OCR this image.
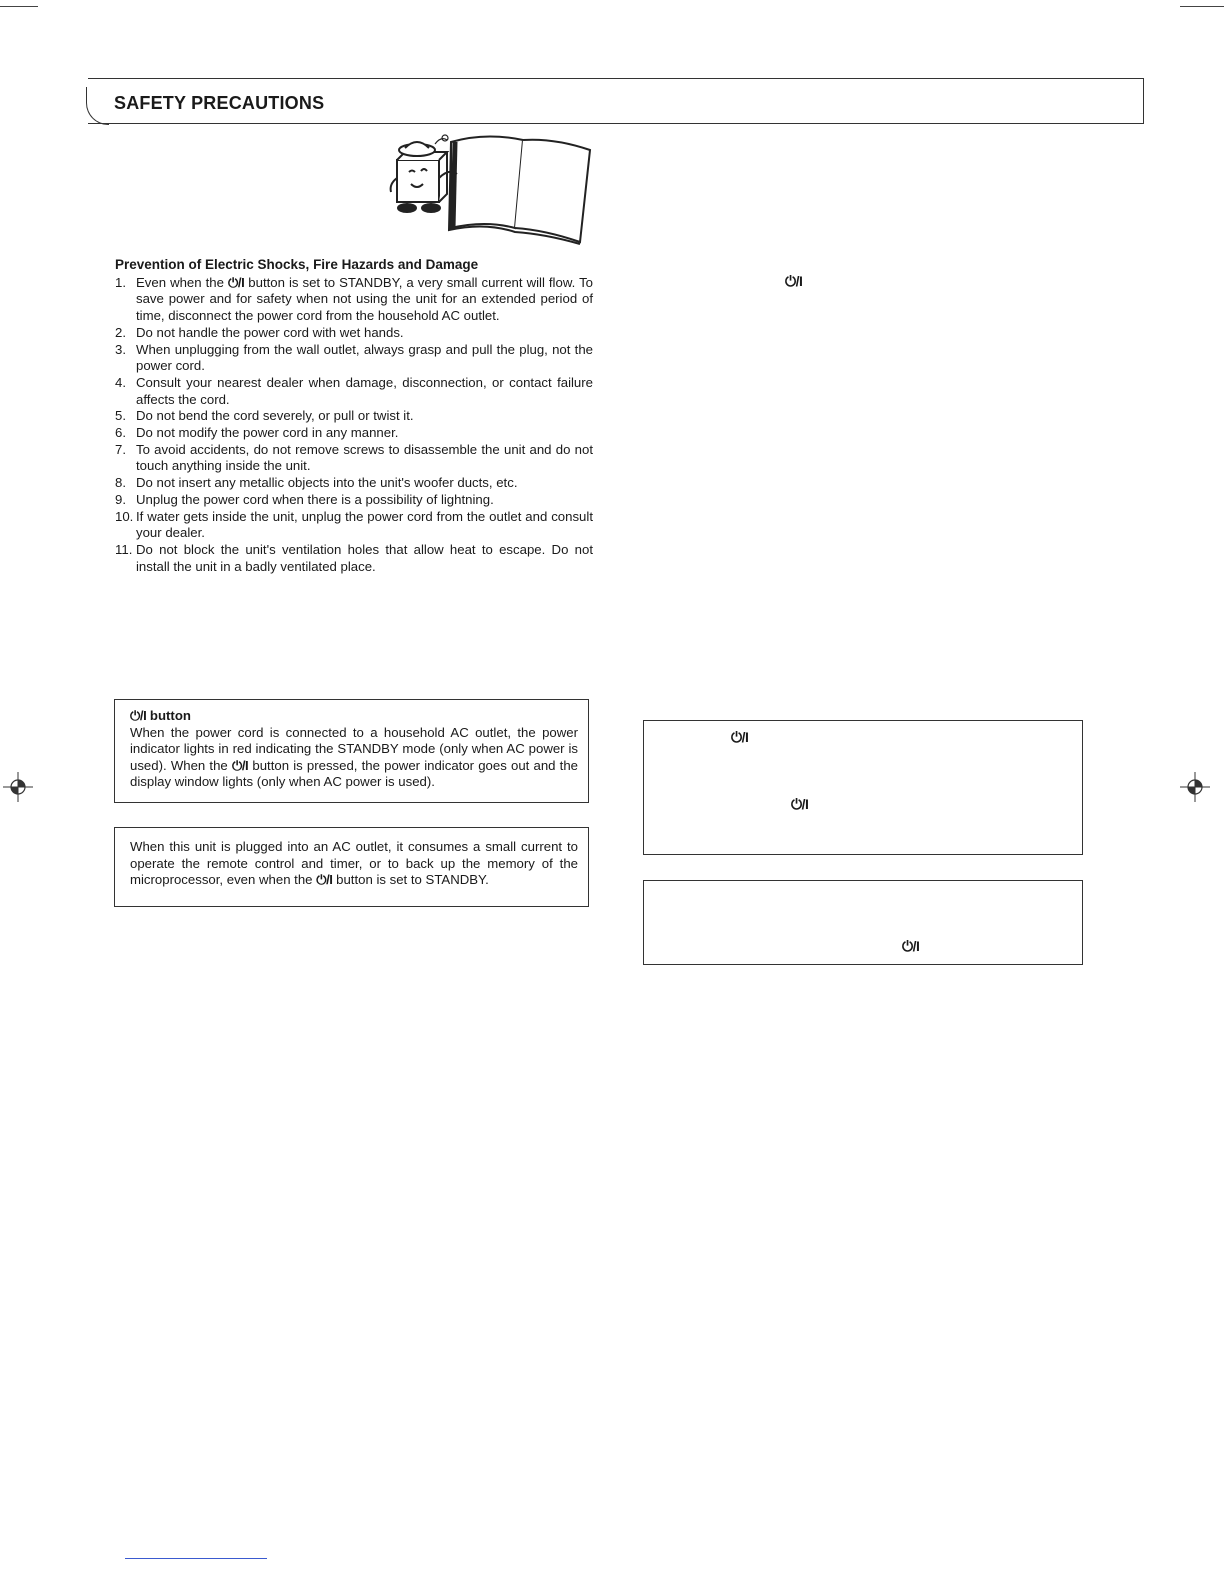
SAFETY PRECAUTIONS
Prevention of Electric Shocks, Fire Hazards and Damage
1. Even when the ⏻/I button is set to STANDBY, a very small current will flow. To save power and for safety when not using the unit for an extended period of time, disconnect the power cord from the household AC outlet.
2. Do not handle the power cord with wet hands.
3. When unplugging from the wall outlet, always grasp and pull the plug, not the power cord.
4. Consult your nearest dealer when damage, disconnection, or contact failure affects the cord.
5. Do not bend the cord severely, or pull or twist it.
6. Do not modify the power cord in any manner.
7. To avoid accidents, do not remove screws to disassemble the unit and do not touch anything inside the unit.
8. Do not insert any metallic objects into the unit's woofer ducts, etc.
9. Unplug the power cord when there is a possibility of lightning.
10. If water gets inside the unit, unplug the power cord from the outlet and consult your dealer.
11. Do not block the unit's ventilation holes that allow heat to escape. Do not install the unit in a badly ventilated place.
⏻/I

⏻/I button

When the power cord is connected to a household AC outlet, the power indicator lights in red indicating the STANDBY mode (only when AC power is used). When the ⏻/I button is pressed, the power indicator goes out and the display window lights (only when AC power is used).

When this unit is plugged into an AC outlet, it consumes a small current to operate the remote control and timer, or to back up the memory of the microprocessor, even when the ⏻/I button is set to STANDBY.

⏻/I
⏻/I
⏻/I
